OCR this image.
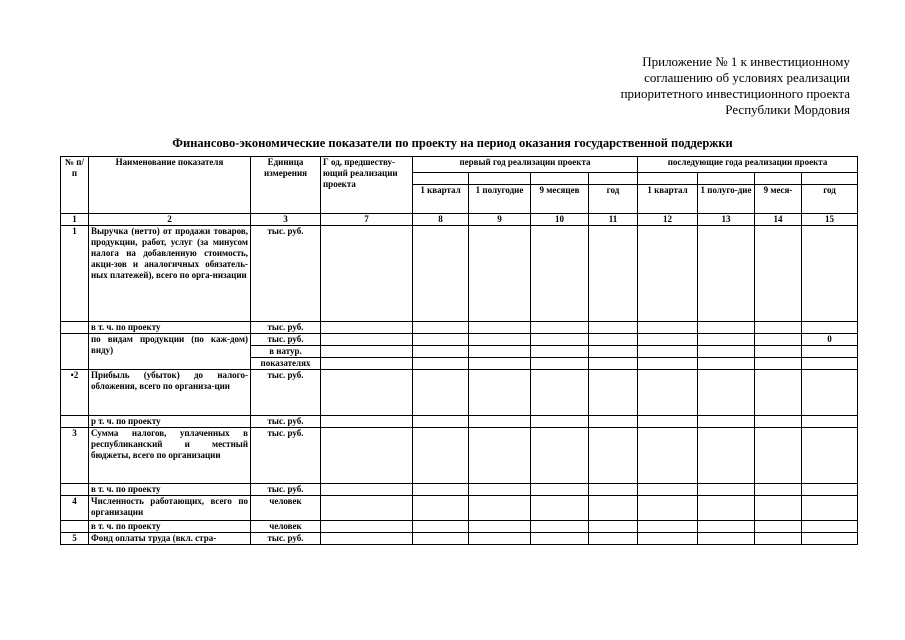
Приложение № 1 к инвестиционному
соглашению об условиях реализации
приоритетного инвестиционного проекта
Республики Мордовия
Финансово-экономические показатели по проекту на период оказания государственной поддержки
№ п/п	Наименование показателя	Единица измерения	Г од, предшеству-ющий реализации проекта	первый год реализации проекта				последующие года реализации проекта			

				1 квартал	1 полугодие	9 месяцев	год	1 квартал	1 полуго-дие	9 меся-	год
1	2	3	7	8	9	10	11	12	13	14	15
1	Выручка (нетто) от продажи товаров, продукции, работ, услуг (за минусом налога на добавленную стоимость, акци-зов и аналогичных обязатель-ных платежей), всего по орга-низации	тыс. руб.									
	в т. ч. по проекту	тыс. руб.									
	по видам продукции (по каж-дом) виду)	тыс. руб.									0
		в натур.									
		показателях									
•2	Прибыль (убыток) до налого-обложения, всего по организа-ции	тыс. руб.									
	р т. ч. по проекту	тыс. руб.									
3	Сумма налогов, уплаченных в республиканский и местный бюджеты, всего по организации	тыс. руб.									
	в т. ч. по проекту	тыс. руб.									
4	Численность работающих, всего по организации	человек									
	в т. ч. по проекту	человек									
5	Фонд оплаты труда (вкл. стра-	тыс. руб.									
